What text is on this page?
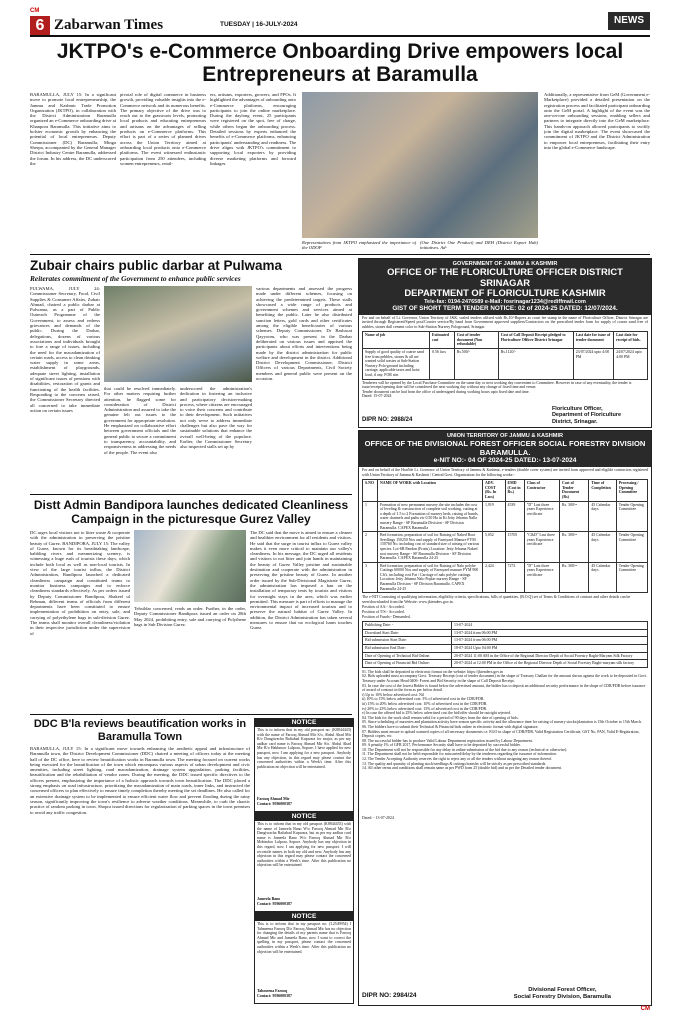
CM
6 Zabarwan Times	TUESDAY | 16-JULY-2024	NEWS
JKTPO's e-Commerce Onboarding Drive empowers local Entrepreneurs at Baramulla
BARAMULLA, JULY 15: In a significant move to promote local entrepreneurship, the Jammu and Kashmir Trade Promotion Organization (JKTPO), in collaboration with the District Administration Baramulla organized an e-Commerce onboarding drive at Khanpora Baramulla. This initiative aims to bolster economic growth by enhancing the potential of local entrepreneurs. Deputy Commissioner (DC) Baramulla, Minga Sherpa, accompanied by the General Manager District Industry Centre Baramulla, addressed the forum. In his address, the DC underscored the
pivotal role of digital commerce in business growth, providing valuable insights into the e-Commerce network and its numerous benefits. The primary objective of the drive was to reach out to the grassroots levels, promoting local products and educating entrepreneurs and artisans on the advantages of selling products on e-Commerce platforms. This effort is part of a series of planned drives across the Union Territory aimed at onboarding local products onto e-Commerce platforms. The event witnessed enthusiastic participation from 250 attendees, including women entrepreneurs, retail-
ers, artisans, exporters, growers, and FPOs. It highlighted the advantages of onboarding onto e-Commerce platforms, encouraging participants to join the online marketplace. During the daylong event, 25 participants were registered on the spot, free of charge, while others began the onboarding process. Detailed sessions by experts enhanced the benefits of e-Commerce platforms, enhancing participants' understanding and readiness. The drive aligns with JKTPO's commitment to supporting local exporters by providing diverse marketing platforms and forward linkages.
Representatives from JKTPO emphasized the importance of the ODOP
(One District One Product) and DEH (District Export Hub) initiatives. Ad-
Additionally, a representative from GeM (Government e-Marketplace) provided a detailed presentation on the registration process and facilitated participant onboarding onto the GeM portal. A highlight of the event was the one-on-one onboarding sessions, enabling sellers and partners to integrate directly into the GeM marketplace. This hands-on approach allowed participants to swiftly join the digital marketplace. The event showcased the commitment of JKTPO and the District Administration to empower local entrepreneurs, facilitating their entry into the global e-Commerce landscape.
Zubair chairs public darbar at Pulwama
Reiterates commitment of the Government to enhance public services
PULWAMA, JULY 24: Commissioner Secretary, Food, Civil Supplies & Consumer Affairs, Zubair Ahmad, chaired a public darbar at Pulwama, as a part of Public Outreach Programme of the Government, to assess and redress grievances and demands of the public. During the Darbar, delegations, dozens of various associations and individuals brought to fore a range of issues, including the need for the macadamization of certain roads, access to clean drinking water supply in some areas, establishment of playgrounds, adequate street lighting, installation of significant issues of pensions with disabilities, restoration of grants and functioning of the health facilities. Responding to the concerns raised, the Commissioner Secretary directed all concerned to take immediate action on certain issues
that could be resolved immediately. For other matters requiring further attention, he flagged some for consideration of District Administration and assured to take the genuine felt out issues to the government for appropriate resolution. He emphasized on collaborative effort between government officials and the general public to secure a commitment to transparency, accountability, and responsiveness in addressing the needs of the people. The event also
underscored the administration's dedication in fostering an inclusive and participatory decision-making process, where citizens are encouraged to voice their concerns and contribute to their development. Such initiatives not only serve to address immediate challenges but also pave the way for sustainable solutions that enhance the overall well-being of the populace. Earlier, the Commissioner Secretary also inspected stalls set up by
various departments and assessed the progress made under different schemes, focusing on achieving the predetermined targets. These stalls showcased a wide range of products and government schemes and services aimed at benefiting the public. Later he also distributed sanction letters, gold cards and other certificates among the eligible beneficiaries of various schemes. Deputy Commissioner, Dr Bashacat Qayyoom, who was present in the Darbar deliberated on various issues and apprised the participants about efforts and interventions being made by the district administration for public welfare and development in the district. Additional District Development Commissioner, District Officers of various Departments, Civil Society members and general public were present on the occasion.
Distt Admin Bandipora launches dedicated Cleanliness Campaign in the picturesque Gurez Valley
DC urges local visitors not to litter waste & cooperate with the administration in preserving the pristine beauty of Gurez. BANDIPORA, JULY 15: The valley of Gurez, known for its breathtaking landscape, babbling rivers and mesmerizing scenery, is witnessing a huge rush of tourists these days, which include both local as well as non-local tourists. In view of the large tourist influx, the District Administration, Bandipora launched a dedicated cleanliness campaign and constituted teams to monitor business campaigns and to enforce cleanliness standards effectively. As per orders issued by Deputy Commissioner Bandipora, Shakeel ul Rehman, different teams of officials from different departments have been constituted to ensure implementation of prohibition on entry, sale, and carrying of polyethylene bags in sub-division Gurez. The teams shall monitor overall cleanliness/violation in their respective jurisdiction under the supervision of
Tehsildar concerned, reads an order. Further, in the order, Deputy Commissioner Bandipora issued an order on 28th May 2024, prohibiting entry, sale and carrying of Polythene bags in Sub Division Gurez.
The DC said that the move is aimed to ensure a cleaner and healthier environment for all residents and visitors. He said that the surge in tourist influx to Gurez valley makes it even more critical to maintain our valley's cleanliness. In his message, the DC urged all residents and visitors to not litter and join hands in maintaining the beauty of Gurez Valley pristine and sustainable destination and cooperate with the administration in preserving the pristine beauty of Gurez. In another order issued by the Sub-Divisional Magistrate Gurez, the administration has imposed a ban on the installation of temporary tents by tourists and visitors for overnight stays in the area, which was earlier permitted. This measure is part of efforts to manage the environmental impact of increased tourism and to preserve the natural habitat of Gurez Valley. In addition, the District Administration has taken several measures to ensure that no ecological harm touches Gurez.
DDC B'la reviews beautification works in Baramulla Town
BARAMULLA, JULY 15: In a significant move towards enhancing the aesthetic appeal and infrastructure of Baramulla town, the District Development Commissioner (DDC) chaired a meeting of officers today at the meeting hall of the DC office, here to review beautification works in Baramulla town. The meeting focused on current works being executed for the beautification of the town which encompass various aspects of urban development and civic amenities, including street lighting, road macadamization, drainage system upgradation, parking facilities, beautification and the rehabilitation of vendor zones. During the meeting, the DDC issued specific directives to the officers present, emphasizing the importance of a holistic approach towards town beautification. The DDC placed a strong emphasis on road infrastructure, prioritizing the macadamization of main roads, inner links, and instructed the concerned officers to plan effectively to ensure timely completion thereby meeting the set deadlines. He also called for an extensive drainage system to be implemented to ensure efficient water flow and prevent flooding during the rainy season, significantly improving the town's resilience to adverse weather conditions. Meanwhile, to curb the chaotic practice of random parking in town, Shopra issued directions for regularization of parking spaces in the town premises to avoid any traffic congestion.
NOTICE
This is to inform that in my old passport no. (K8844443) with the name of Farooq Ahmad Mir S/o, Abdul Ahad Mir R/o Dangiwacha Rafiabad Kupwara for major, as per my aadhar card name is Farooq Ahmad Mir S/o. Abdul Ahad Mir R/o Hakhnoor Lalpora, Sopore, I have applied for new passport, now I am applying for a new passport. Anybody has any objection, in this regard may please contact the concerned authorities within a Week's time. After this publication no objection will be entertained.
Farooq Ahmad Mir
Contact: 9596000387
NOTICE
This is to inform that in my old passport (K8844453) with the name of Jameela Bano W/o Farooq Ahmad Mir R/o Dangiwacha Rafiabad Kupwara, but as per my aadhar card name is Jameela Bano W/o Farooq Ahmad Mir R/o Mohindoo Lalpora, Sopore. Anybody has any objection in this regard, now I am applying for new passport. I will reconcile names in both my old and new. Anybody has any objection in this regard may please contact the concerned authorities within a Week's time. After this publication no objection will be entertained.
Jameela Bano
Contact: 9596000387
NOTICE
This is to inform that in my passport no. (L2549954) I Tahmeena Farooq D/o Farooq Ahmad Mir has no objection for changing the details of my parents name that is Farooq Ahmad Mir and Jameela Bano, now I want to correct the spelling in my passport, please contact the concerned authorities within a Week's time. After this publication no objection will be entertained.
Tahmeena Farooq
Contact: 9596000387
GOVERNMENT OF JAMMU & KASHMIR
OFFICE OF THE FLORICULTURE OFFICER DISTRICT SRINAGAR
DEPARTMENT OF FLORICULTURE KASHMIR
Tele-fax: 0194-2476589 e-Mail: fosrinagar1234@rediffmail.com
GIST OF SHORT TERM TENDER NOTICE: 02 of 2024-25 DATED: 12/07/2024.
For and on behalf of Lt. Governor, Union Territory of J&K, sealed tenders affixed with Rs.10/-Rupees as court fee stamp in the name of Floriculture Officer, District Srinagar are invited through Registered/Speed post/Courier service/By hand from Government approved suppliers/Contractors on the prescribed tender form for supply of coarse sand free of rubbles, stones dull cement color to Sub-Station Nursery Pologround, Srinagar.
Name of job	Estimated cost	Cost of tender document (Non refundable)	Cost of Call Deposit Receipt pledged to Floriculture Officer District Srinagar	Last date for issue of tender document	Last date for receipt of bids.
Supply of good quality of coarse sand free from pebbles, stones & all un-wanted solid wastes at Sub-Station Nursery Polo-ground including carriage, applicable taxes and hoist load, if any. FOR site.	0.56 lacs	Rs.500/-	Rs.1120/-	23/07/2024 upto 4:00 PM	24/07/2024 upto 4:00 PM
Tenderers will be opened by the Local Purchase Committee on the same day or next working day convenient to Committee. However in case of any eventuality, the tender is issue/receipt/opening date will be considered the next working day without any change of fixed time and venue.
Tender document can be had from the office of undersigned during working hours upto fixed date and time.
Dated: 15-07-2024
DIPR NO: 2988/24
Floriculture Officer,
Department of Floriculture
District, Srinagar.
UNION TERRITORY OF JAMMU & KASHMIR
OFFICE OF THE DIVISIONAL FOREST OFFICER SOCIAL FORESTRY DIVISION BARAMULLA.
e-NIT NO:- 04 OF 2024-25 DATED:- 13-07-2024
For and on behalf of the Hon'ble Lt. Governor of Union Territory of Jammu & Kashmir, e-tenders (double cover system) are invited from approved and eligible contractors registered with Union Territory of Jammu & Kashmir / Central Govt. Organization for the following works:-
S.NO	NAME OF WORK with Location	ADV. COST (Rs. In Lacs)	EMD (Cost in Rs.)	Class of Contractor	Cost of Tender Document (Rs)	Time of Completion	Processing / Opening Committee
1	Formation of new permanent nursery the site includes the cost of leveling & construction of complete soil working, cutting at a depth of 1.5 to 2 Formation of nursery beds, raising of bunds, water channels and paths etc 0.50 Ha in Kt Jetty Jehama Nalla nursery Range - SF Baramulla Division - SF Division Baramulla. CAPEX Baramulla	1,919	4539	"D" Last three years Experience certificate	Rs. 300/=	45 Calendar days	Tender Opening Committee
2	Bed formation, preparation of soil for Raising of Naked Root Seedlings 150250 Nos and supply of Farmyard Manure FYM 150760 No. including cost of standard size of raising of various species. Lot-6B Pandan (Fruits) Location: Jetty Jehama Naked root nursery Range - SF Baramulla Division - SF Division Baramulla. CAPEX Baramulla 24-25	5,052	15705	"C&D" Last three years Experience certificate	Rs. 300/=	45 Calendar days	Tender Opening Committee
3	Bed formation, preparation of soil for Raising of Nalo polybe Cuttings 60000 Nos and supply of Farmyard manure FYM 900 Cft's, including cost Fat / Carriage of nalo polybe cuttings. Location: Jetty Jehama Nalo Poplar nursery Range - SF Baramulla Division - SF Division Baramulla. CAPEX Baramulla 24-25	2,424	7272	"D" Last three years Experience certificate	Rs. 300/=	45 Calendar days	Tender Opening Committee
The e-NIT Consisting of qualifying information, eligibility criteria, specifications, bills of quantities, (B.O.Q) set of Terms & Conditions of contract and other details can be seen/downloaded from the Website: www.jktenders.gov.in.
Position of AA:- Accorded.
Position of T/S:- Accorded.
Position of Funds:- Demanded.
Publishing Date: -	13-07-2024
Download Start Date:	13-07-2024 from 06:00 PM
Bid submission Start Date:	13-07-2024 from 06:00 PM
Bid submission End Date:	18-07-2024 Upto 04:00 PM
Date of Opening of Technical Bid Online.	20-07-2024 11:00 AM in the Office of the Regional Director Depth of Social Forestry Baghi-Maryam Silk Factory
Date of Opening of Financial Bid Online:	20-07-2024 at 12:00 PM in the Office of the Regional Director Depth of Social Forestry Baghi-maryam silk factory
01. The bids shall be deposited in electronic format on the website: https://jktenders.gov.in
02. Bids uploaded must accompany Govt. Treasury Receipt (cost of tender document) in the shape of Treasury Challan for the amount shown against the work to be deposited in Govt. Treasury under Account Head 0406- Forest and Bid Security in the shape of Call Deposit Receipt.
03. In case the cost of the lowest Bidder is found below the advertised amount, the bidder has to deposit an additional security performance in the shape of CDR/FDR before issuance of award of contract in the form as per below detail.
i) Up to 10% below advertised cost: Nil
ii) 10% to 15% below advertised cost: 3% of advertised cost in the CDR/FDR.
iii) 15% to 20% below advertised cost: 10% of advertised cost in the CDR/FDR.
iv) 20% to 25% below advertised cost: 15% of advertised cost in the CDR/FDR.
v) In case the offered bid is 25% below advertised cost the bid/offer should be outright rejected.
04. The bids for the work shall remain valid for a period of 90 days from the date of opening of bids.
05. Since scheduling of nurseries and plantation activity have season specific activity and the allowance time for raising of nursery stocks/plantation is 15th October to 15th March.
06. The bidders have to submit their Technical & Financial bids online in electronic format with digital signature.
07. Bidders must ensure to upload scanned copies of all necessary documents i.e. EGO in shape of CDR/FDR, Valid Registration Certificate, GST No, PAN, Valid E-Registration, Deposit copies, etc.
08. The successful bidder has to produce Valid Labour Department registration issued by Labour Department.
09. A penalty 1% of GFR 2017, Performance Security shall have to be deposited by successful bidder.
10. The Department will not be responsible for any delay in online submission of the bid due to any reason (technical or otherwise).
11. The Department shall not be held responsible for miscarried/delay by the tenderers regarding the issuance of information.
12. The Tender Accepting Authority reserves the right to reject any or all the tenders without assigning any reason thereof.
13. The quality and quantity of planting stock/seedlings & cuttings/transfer will be strictly as per prescribed standards.
14. All other terms and conditions shall remain same as per PWD form 25 (double bid) and as per the Detailed tender document.
Dated: - 13-07-2024
DIPR NO: 2984/24
Divisional Forest Officer,
Social Forestry Division, Baramulla
CM
